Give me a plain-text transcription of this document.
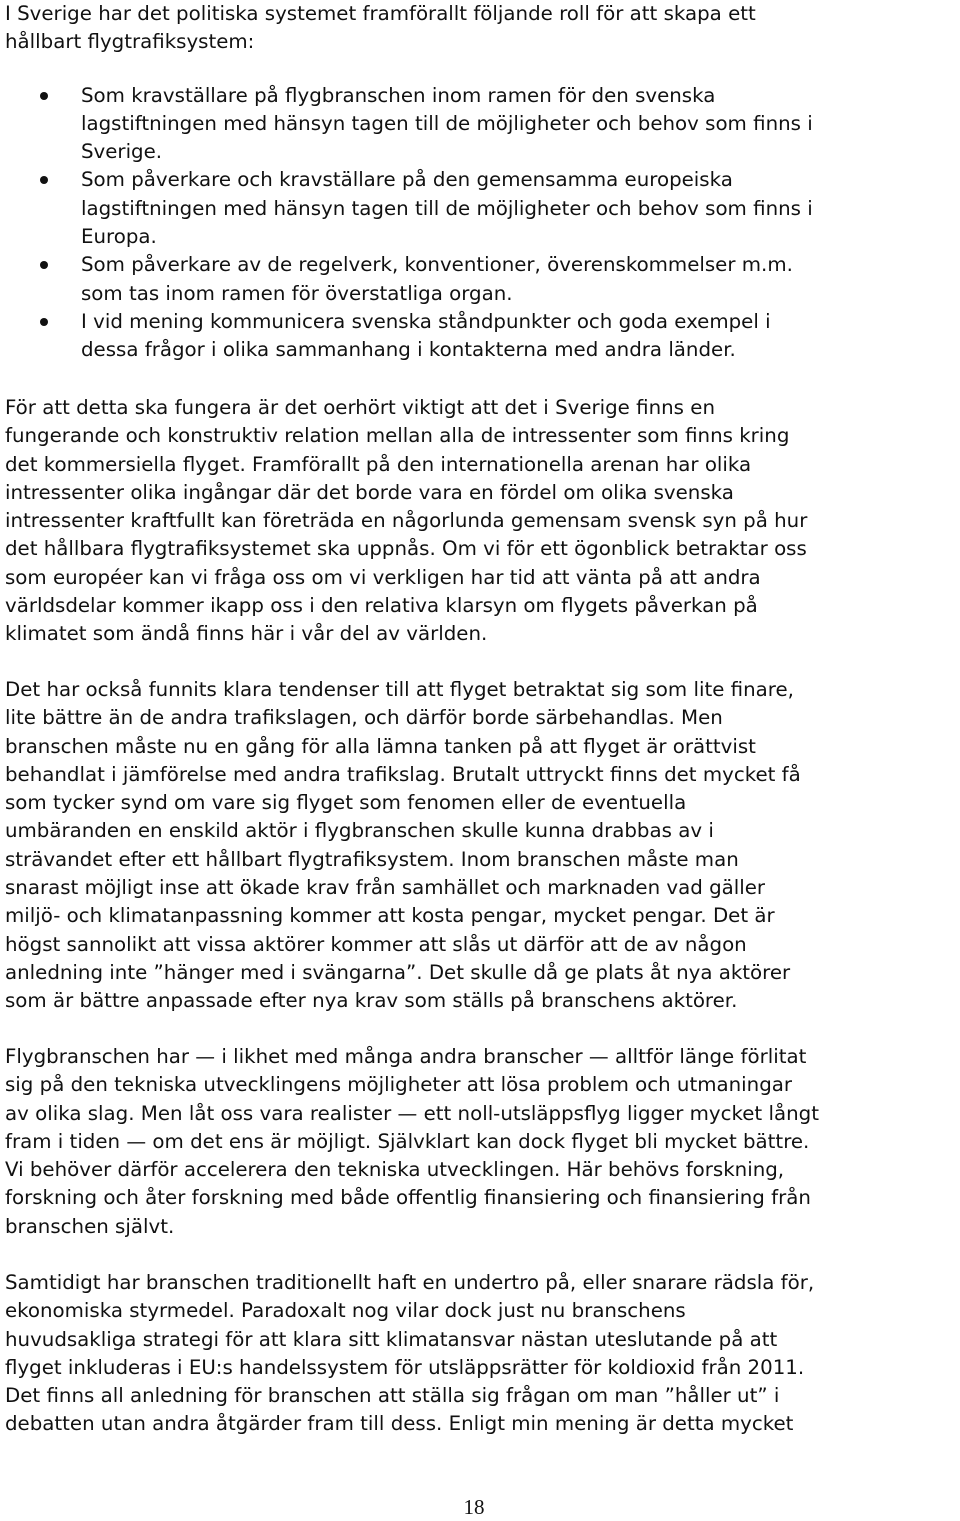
I Sverige har det politiska systemet framförallt följande roll för att skapa ett
hållbart flygtrafiksystem:

Som kravställare på flygbranschen inom ramen för den svenska
lagstiftningen med hänsyn tagen till de möjligheter och behov som finns i
Sverige.
Som påverkare och kravställare på den gemensamma europeiska
lagstiftningen med hänsyn tagen till de möjligheter och behov som finns i
Europa.
Som påverkare av de regelverk, konventioner, överenskommelser m.m.
som tas inom ramen för överstatliga organ.
I vid mening kommunicera svenska ståndpunkter och goda exempel i
dessa frågor i olika sammanhang i kontakterna med andra länder.

För att detta ska fungera är det oerhört viktigt att det i Sverige finns en
fungerande och konstruktiv relation mellan alla de intressenter som finns kring
det kommersiella flyget. Framförallt på den internationella arenan har olika
intressenter olika ingångar där det borde vara en fördel om olika svenska
intressenter kraftfullt kan företräda en någorlunda gemensam svensk syn på hur
det hållbara flygtrafiksystemet ska uppnås. Om vi för ett ögonblick betraktar oss
som européer kan vi fråga oss om vi verkligen har tid att vänta på att andra
världsdelar kommer ikapp oss i den relativa klarsyn om flygets påverkan på
klimatet som ändå finns här i vår del av världen.

Det har också funnits klara tendenser till att flyget betraktat sig som lite finare,
lite bättre än de andra trafikslagen, och därför borde särbehandlas. Men
branschen måste nu en gång för alla lämna tanken på att flyget är orättvist
behandlat i jämförelse med andra trafikslag. Brutalt uttryckt finns det mycket få
som tycker synd om vare sig flyget som fenomen eller de eventuella
umbäranden en enskild aktör i flygbranschen skulle kunna drabbas av i
strävandet efter ett hållbart flygtrafiksystem. Inom branschen måste man
snarast möjligt inse att ökade krav från samhället och marknaden vad gäller
miljö- och klimatanpassning kommer att kosta pengar, mycket pengar. Det är
högst sannolikt att vissa aktörer kommer att slås ut därför att de av någon
anledning inte ”hänger med i svängarna”. Det skulle då ge plats åt nya aktörer
som är bättre anpassade efter nya krav som ställs på branschens aktörer.

Flygbranschen har — i likhet med många andra branscher — alltför länge förlitat
sig på den tekniska utvecklingens möjligheter att lösa problem och utmaningar
av olika slag. Men låt oss vara realister — ett noll-utsläppsflyg ligger mycket långt
fram i tiden — om det ens är möjligt. Självklart kan dock flyget bli mycket bättre.
Vi behöver därför accelerera den tekniska utvecklingen. Här behövs forskning,
forskning och åter forskning med både offentlig finansiering och finansiering från
branschen självt.

Samtidigt har branschen traditionellt haft en undertro på, eller snarare rädsla för,
ekonomiska styrmedel. Paradoxalt nog vilar dock just nu branschens
huvudsakliga strategi för att klara sitt klimatansvar nästan uteslutande på att
flyget inkluderas i EU:s handelssystem för utsläppsrätter för koldioxid från 2011.
Det finns all anledning för branschen att ställa sig frågan om man ”håller ut” i
debatten utan andra åtgärder fram till dess. Enligt min mening är detta mycket

18
